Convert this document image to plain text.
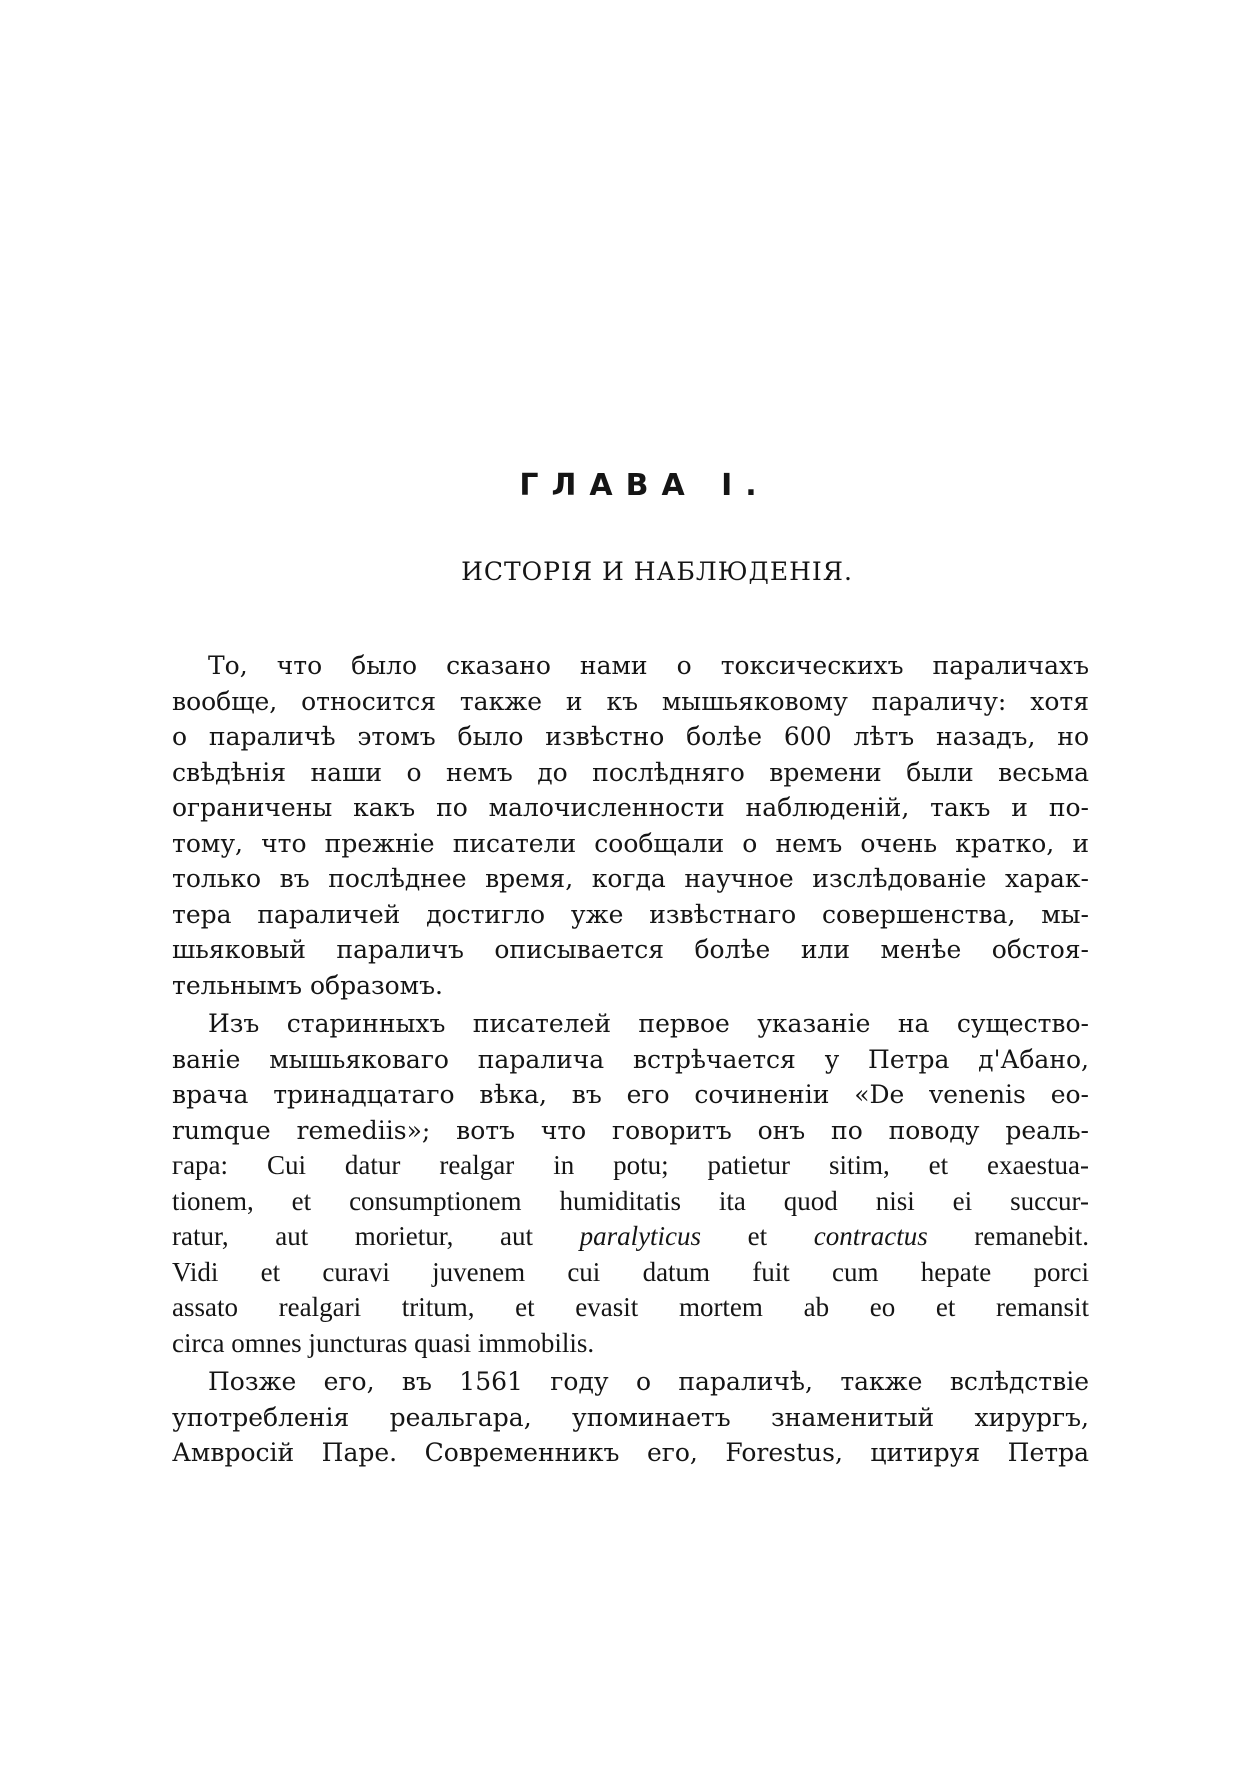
ГЛАВА I.
ИСТОРІЯ И НАБЛЮДЕНІЯ.
То, что было сказано нами о токсическихъ параличахъ
вообще, относится также и къ мышьяковому параличу: хотя
о параличѣ этомъ было извѣстно болѣе 600 лѣтъ назадъ, но
свѣдѣнія наши о немъ до послѣдняго времени были весьма
ограничены какъ по малочисленности наблюденій, такъ и по-
тому, что прежніе писатели сообщали о немъ очень кратко, и
только въ послѣднее время, когда научное изслѣдованіе харак-
тера параличей достигло уже извѣстнаго совершенства, мы-
шьяковый параличъ описывается болѣе или менѣе обстоя-
тельнымъ образомъ.
Изъ старинныхъ писателей первое указаніе на существо-
ваніе мышьяковаго паралича встрѣчается у Петра д'Абано,
врача тринадцатаго вѣка, въ его сочиненіи «De venenis eo-
rumque remediis»; вотъ что говоритъ онъ по поводу реаль-
гара: Cui datur realgar in potu; patietur sitim, et exaestua-
tionem, et consumptionem humiditatis ita quod nisi ei succur-
ratur, aut morietur, aut paralyticus et contractus remanebit.
Vidi et curavi juvenem cui datum fuit cum hepate porci
assato realgari tritum, et evasit mortem ab eo et remansit
circa omnes juncturas quasi immobilis.
Позже его, въ 1561 году о параличѣ, также вслѣдствіе
употребленія реальгара, упоминаетъ знаменитый хирургъ,
Амвросій Паре. Современникъ его, Forestus, цитируя Петра
